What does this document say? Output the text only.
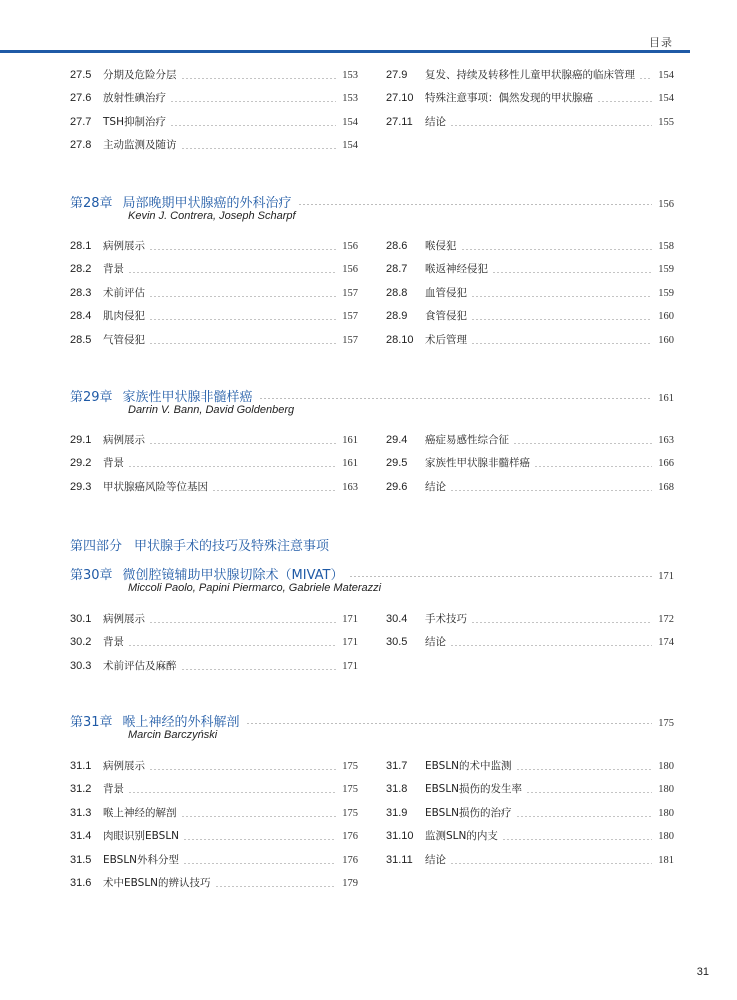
目录
27.5	分期及危险分层	153
27.6	放射性碘治疗	153
27.7	TSH抑制治疗	154
27.8	主动监测及随访	154
27.9	复发、持续及转移性儿童甲状腺癌的临床管理 154
27.10	特殊注意事项：偶然发现的甲状腺癌	154
27.11	结论	155
第28章 局部晚期甲状腺癌的外科治疗	156
Kevin J. Contrera, Joseph Scharpf
28.1	病例展示	156
28.2	背景	156
28.3	术前评估	157
28.4	肌肉侵犯	157
28.5	气管侵犯	157
28.6	喉侵犯	158
28.7	喉返神经侵犯	159
28.8	血管侵犯	159
28.9	食管侵犯	160
28.10	术后管理	160
第29章 家族性甲状腺非髓样癌	161
Darrin V. Bann, David Goldenberg
29.1	病例展示	161
29.2	背景	161
29.3	甲状腺癌风险等位基因	163
29.4	癌症易感性综合征	163
29.5	家族性甲状腺非髓样癌	166
29.6	结论	168
第四部分 甲状腺手术的技巧及特殊注意事项
第30章 微创腔镜辅助甲状腺切除术（MIVAT）	171
Miccoli Paolo, Papini Piermarco, Gabriele Materazzi
30.1	病例展示	171
30.2	背景	171
30.3	术前评估及麻醉	171
30.4	手术技巧	172
30.5	结论	174
第31章 喉上神经的外科解剖	175
Marcin Barczyński
31.1	病例展示	175
31.2	背景	175
31.3	喉上神经的解剖	175
31.4	肉眼识别EBSLN	176
31.5	EBSLN外科分型	176
31.6	术中EBSLN的辨认技巧	179
31.7	EBSLN的术中监测	180
31.8	EBSLN损伤的发生率	180
31.9	EBSLN损伤的治疗	180
31.10	监测SLN的内支	180
31.11	结论	181
31
